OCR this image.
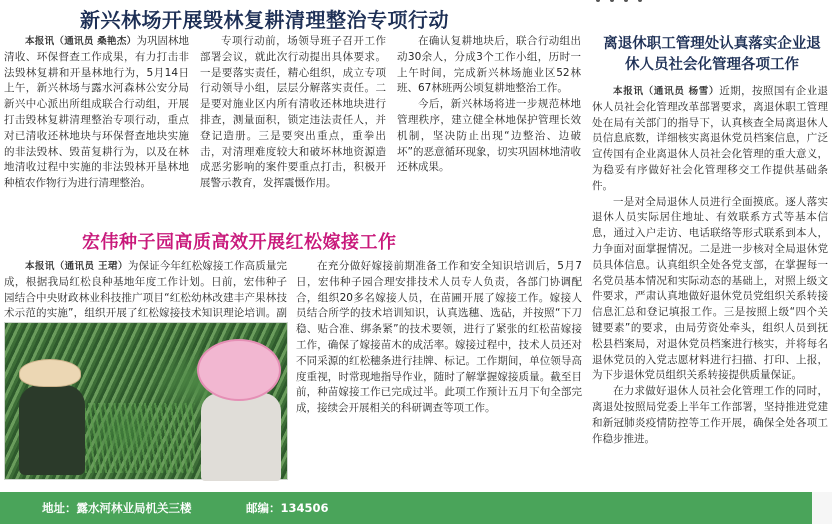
新兴林场开展毁林复耕清理整治专项行动

本报讯（通讯员 桑艳杰）为巩固林地清收、环保督查工作成果，有力打击非法毁林复耕和开垦林地行为，5月14日上午，新兴林场与露水河森林公安分局新兴中心派出所组成联合行动组，开展打击毁林复耕清理整治专项行动，重点对已清收还林地块与环保督查地块实施的非法毁林、毁苗复耕行为，以及在林地清收过程中实施的非法毁林开垦林地种植农作物行为进行清理整治。

专项行动前，场领导班子召开工作部署会议，就此次行动提出具体要求。一是要落实责任，精心组织，成立专项行动领导小组，层层分解落实责任。二是要对施业区内所有清收还林地块进行排查，测量面积，锁定违法责任人，并登记造册。三是要突出重点，重拳出击，对清理难度较大和破坏林地资源造成恶劣影响的案件要重点打击，积极开展警示教育，发挥震慑作用。

在确认复耕地块后，联合行动组出动30余人，分成3个工作小组，历时一上午时间，完成新兴林场施业区52林班、67林班两公顷复耕地整治工作。

今后，新兴林场将进一步规范林地管理秩序，建立健全林地保护管理长效机制，坚决防止出现“边整治、边破坏”的恶意循环现象，切实巩固林地清收还林成果。

宏伟种子园高质高效开展红松嫁接工作

本报讯（通讯员 王珺）为保证今年红松嫁接工作高质量完成，根据我局红松良种基地年度工作计划。日前，宏伟种子园结合中央财政林业科技推广项目“红松幼林改建丰产果林技术示范的实施”，组织开展了红松嫁接技术知识理论培训。副

在充分做好嫁接前期准备工作和安全知识培训后，5月7日，宏伟种子园合理安排技术人员专人负责，各部门协调配合，组织20多名嫁接人员，在苗圃开展了嫁接工作。嫁接人员结合所学的技术培训知识，认真选穗、选砧，并按照“下刀稳、贴合准、绑条紧”的技术要领，进行了紧张的红松苗嫁接工作，确保了嫁接苗木的成活率。嫁接过程中，技术人员还对不同采源的红松穗条进行挂牌、标记。工作期间，单位领导高度重视，时常现地指导作业，随时了解掌握嫁接质量。截至目前，种苗嫁接工作已完成过半。此项工作预计五月下旬全部完成，接续会开展相关的科研调查等项工作。

离退休职工管理处认真落实企业退休人员社会化管理各项工作

本报讯（通讯员 杨雪）近期，按照国有企业退休人员社会化管理改革部署要求，离退休职工管理处在局有关部门的指导下，认真核查全局离退休人员信息底数，详细核实离退休党员档案信息，广泛宣传国有企业离退休人员社会化管理的重大意义，为稳妥有序做好社会化管理移交工作提供基础条件。

一是对全局退休人员进行全面摸底。逐人落实退休人员实际居住地址、有效联系方式等基本信息，通过入户走访、电话联络等形式联系到本人，力争面对面掌握情况。二是进一步核对全局退休党员具体信息。认真组织全处各党支部，在掌握每一名党员基本情况和实际动态的基础上，对照上级文件要求，严肃认真地做好退休党员党组织关系转接信息汇总和登记填报工作。三是按照上级“四个关键要素”的要求，由局劳资处牵头，组织人员到抚松县档案局，对退休党员档案进行核实，并将每名退休党员的入党志愿材料进行扫描、打印、上报，为下步退休党员组织关系转接提供质量保证。

在力求做好退休人员社会化管理工作的同时，离退处按照局党委上半年工作部署，坚持推进党建和新冠肺炎疫情防控等工作开展，确保全处各项工作稳步推进。

地址：露水河林业局机关三楼	邮编：134506
